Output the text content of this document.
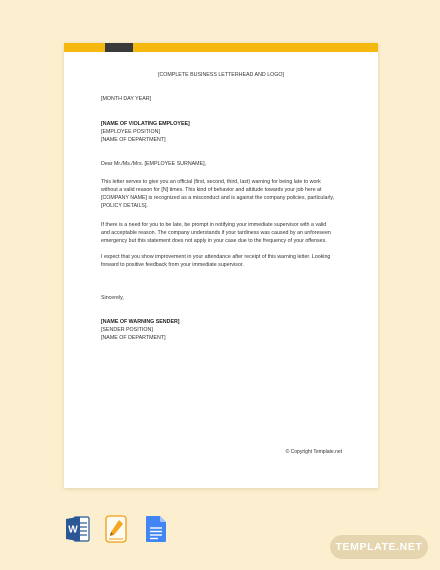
[COMPLETE BUSINESS LETTERHEAD AND LOGO]
[MONTH DAY YEAR]
[NAME OF VIOLATING EMPLOYEE]
[EMPLOYEE POSITION]
[NAME OF DEPARTMENT]
Dear Mr./Ms./Mrs. [EMPLOYEE SURNAME],
This letter serves to give you an official (first, second, third, last) warning for being late to work
without a valid reason for [N] times. This kind of behavior and attitude towards your job here at
[COMPANY NAME] is recognized as a misconduct and is against the company policies, particularly,
[POLICY DETAILS].
If there is a need for you to be late, be prompt in notifying your immediate supervisor with a valid
and acceptable reason. The company understands if your tardiness was caused by an unforeseen
emergency but this statement does not apply in your case due to the frequency of your offenses.
I expect that you show improvement in your attendance after receipt of this warning letter. Looking
forward to positive feedback from your immediate supervisor.
Sincerely,
[NAME OF WARNING SENDER]
[SENDER POSITION]
[NAME OF DEPARTMENT]
© Copyright Template.net
W
TEMPLATE.NET
